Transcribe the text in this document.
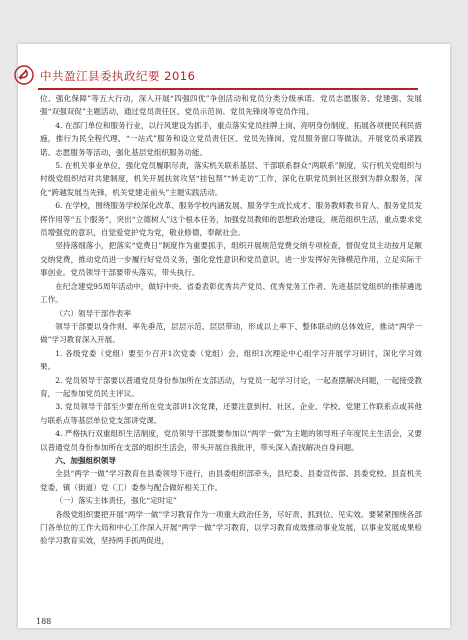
中共盈江县委执政纪要 2016

位、强化保障”等五大行动，深入开展“四强四优”争创活动和党员分类分级承诺、党员志愿服务、党建强、发展强“双强双促”主题活动，通过党员责任区、党员示范岗、党员先锋岗等党员作用。

4. 在部门单位和服务行业，以行风建设为抓手，重点落实党员挂牌上岗、亮明身份制度，拓展各项便民利民措施，推行为民全程代理、“一站式”服务和设立党员责任区、党员先锋岗、党员服务窗口等做法，开展党员承诺践诺、志愿服务等活动，强化基层党组织服务功能。

5. 在机关事业单位，强化党员履职尽责，落实机关联系基层、干部联系群众“两联系”制度，实行机关党组织与村级党组织结对共建制度，机关开展扶贫攻坚“挂包帮”“转走访”工作，深化在职党员到社区报到为群众服务，深化“跨越发展当先锋，机关党建走前头”主题实践活动。

6. 在学校，围绕服务学校深化改革、服务学校内涵发展、服务学生成长成才、服务教师教书育人、服务党员发挥作用等“五个服务”，突出“立德树人”这个根本任务，加强党员教师的思想政治建设，规范组织生活，重点要求党员增强党的意识，自觉爱党护党为党，敬业修德，奉献社会。

坚持落细落小，把落实“党费日”制度作为重要抓手，组织开展规范党费交纳专项检查，督促党员主动按月足额交纳党费，推动党员进一步履行好党员义务，强化党性意识和党员意识，进一步发挥好先锋模范作用，立足实际干事创业。党员领导干部要带头落实，带头执行。

在纪念建党95周年活动中，做好中央、省委表彰优秀共产党员、优秀党务工作者、先进基层党组织的推荐遴选工作。

（六）领导干部作表率

领导干部要以身作则、率先垂范，层层示范、层层带动，形成以上率下、整体联动的总体效应，推动“两学一做”学习教育深入开展。

1. 各级党委（党组）要至少召开1次党委（党组）会、组织1次理论中心组学习开展学习研讨，深化学习效果。

2. 党员领导干部要以普通党员身份参加所在支部活动，与党员一起学习讨论，一起查摆解决问题，一起接受教育，一起参加党员民主评议。

3. 党员领导干部至少要在所在党支部讲1次党课，还要注意到村、社区、企业、学校、党建工作联系点或其他与联系点等基层单位党支部讲党课。

4. 严格执行双重组织生活制度，党员领导干部既要参加以“两学一做”为主题的领导班子年度民主生活会，又要以普通党员身份参加所在支部的组织生活会，带头开展自我批评，带头深入查找解决自身问题。

六、加强组织领导

全县“两学一做”学习教育在县委领导下进行，由县委组织部牵头，县纪委、县委宣传部、县委党校、县直机关党委、镇（街道）党（工）委参与配合做好相关工作。

（一）落实主体责任，强化“定时定”

各级党组织要把开展“两学一做”学习教育作为一项重大政治任务，尽好责、抓到位、见实效。要紧紧围绕各部门各单位的工作大局和中心工作深入开展“两学一做”学习教育，以学习教育成效推动事业发展，以事业发展成果检验学习教育实效，坚持两手抓两促进，

188
